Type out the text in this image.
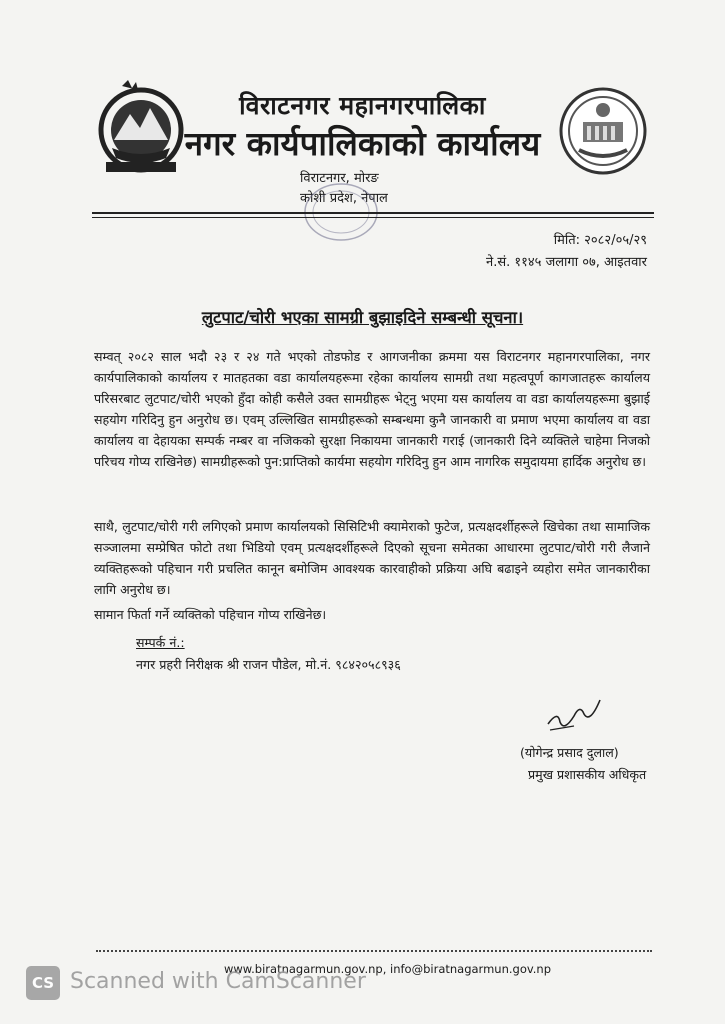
विराटनगर महानगरपालिका
नगर कार्यपालिकाको कार्यालय
विराटनगर, मोरङ
कोशी प्रदेश, नेपाल
मिति: २०८२/०५/२९
ने.सं. ११४५ जलागा ०७, आइतवार
लुटपाट/चोरी भएका सामग्री बुझाइदिने सम्बन्धी सूचना।
सम्वत् २०८२ साल भदौ २३ र २४ गते भएको तोडफोड र आगजनीका क्रममा यस विराटनगर महानगरपालिका, नगर कार्यपालिकाको कार्यालय र मातहतका वडा कार्यालयहरूमा रहेका कार्यालय सामग्री तथा महत्वपूर्ण कागजातहरू कार्यालय परिसरबाट लुटपाट/चोरी भएको हुँदा कोही कसैले उक्त सामग्रीहरू भेट्नु भएमा यस कार्यालय वा वडा कार्यालयहरूमा बुझाई सहयोग गरिदिनु हुन अनुरोध छ। एवम् उल्लिखित सामग्रीहरूको सम्बन्धमा कुनै जानकारी वा प्रमाण भएमा कार्यालय वा वडा कार्यालय वा देहायका सम्पर्क नम्बर वा नजिकको सुरक्षा निकायमा जानकारी गराई (जानकारी दिने व्यक्तिले चाहेमा निजको परिचय गोप्य राखिनेछ) सामग्रीहरूको पुन:प्राप्तिको कार्यमा सहयोग गरिदिनु हुन आम नागरिक समुदायमा हार्दिक अनुरोध छ।
साथै, लुटपाट/चोरी गरी लगिएको प्रमाण कार्यालयको सिसिटिभी क्यामेराको फुटेज, प्रत्यक्षदर्शीहरूले खिचेका तथा सामाजिक सञ्जालमा सम्प्रेषित फोटो तथा भिडियो एवम् प्रत्यक्षदर्शीहरूले दिएको सूचना समेतका आधारमा लुटपाट/चोरी गरी लैजाने व्यक्तिहरूको पहिचान गरी प्रचलित कानून बमोजिम आवश्यक कारवाहीको प्रक्रिया अघि बढाइने व्यहोरा समेत जानकारीका लागि अनुरोध छ।
सामान फिर्ता गर्ने व्यक्तिको पहिचान गोप्य राखिनेछ।
सम्पर्क नं.:
नगर प्रहरी निरीक्षक श्री राजन पौडेल, मो.नं. ९८४२०५८९३६
(योगेन्द्र प्रसाद दुलाल)
प्रमुख प्रशासकीय अधिकृत
www.biratnagarmun.gov.np, info@biratnagarmun.gov.np
CS Scanned with CamScanner
